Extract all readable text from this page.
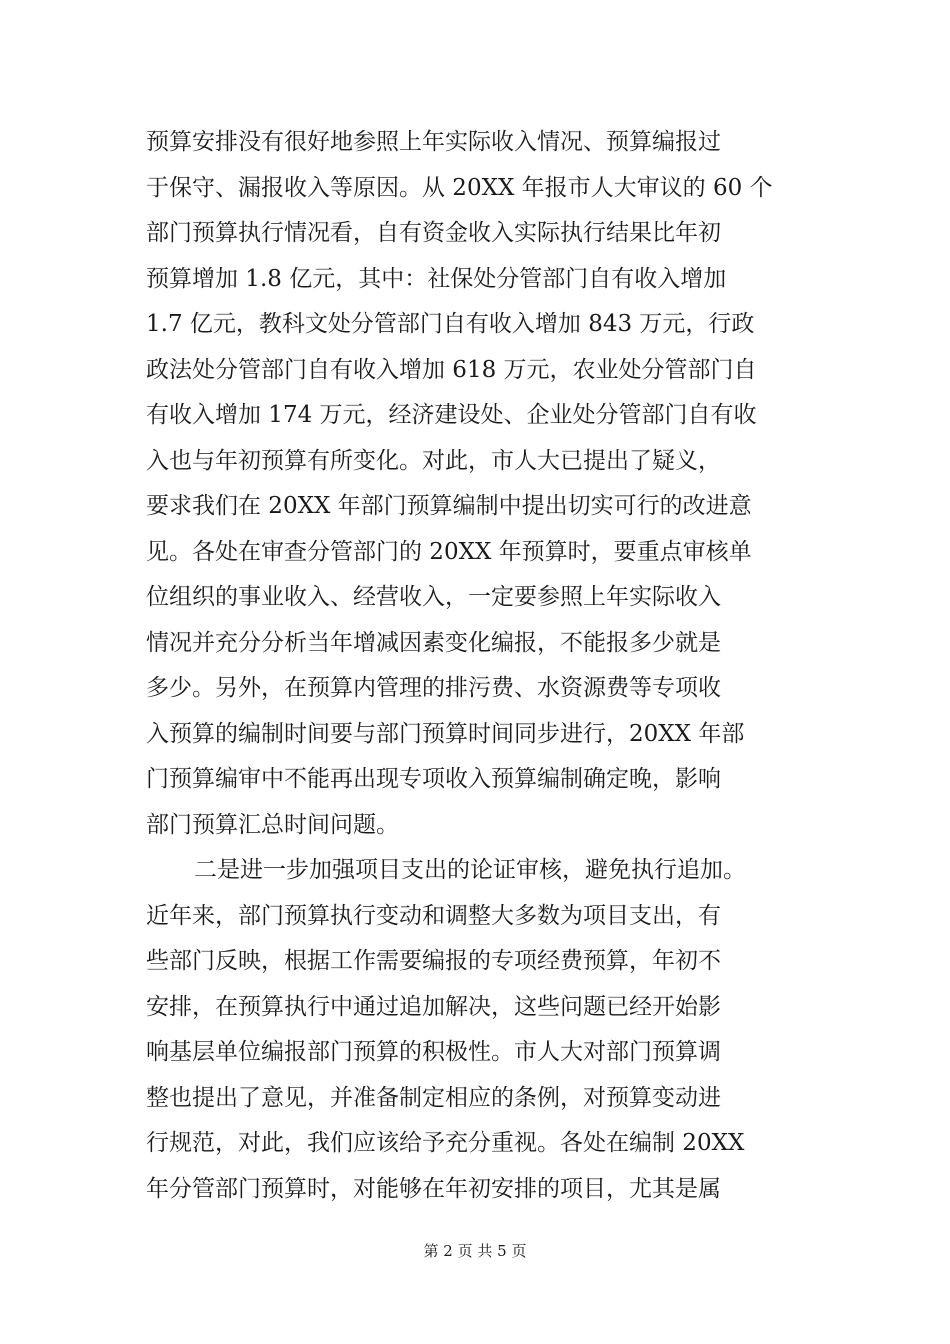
预算安排没有很好地参照上年实际收入情况、预算编报过
于保守、漏报收入等原因。从 20XX 年报市人大审议的 60 个
部门预算执行情况看，自有资金收入实际执行结果比年初
预算增加 1.8 亿元，其中：社保处分管部门自有收入增加
1.7 亿元，教科文处分管部门自有收入增加 843 万元，行政
政法处分管部门自有收入增加 618 万元，农业处分管部门自
有收入增加 174 万元，经济建设处、企业处分管部门自有收
入也与年初预算有所变化。对此，市人大已提出了疑义，
要求我们在 20XX 年部门预算编制中提出切实可行的改进意
见。各处在审查分管部门的 20XX 年预算时，要重点审核单
位组织的事业收入、经营收入，一定要参照上年实际收入
情况并充分分析当年增减因素变化编报，不能报多少就是
多少。另外，在预算内管理的排污费、水资源费等专项收
入预算的编制时间要与部门预算时间同步进行，20XX 年部
门预算编审中不能再出现专项收入预算编制确定晚，影响
部门预算汇总时间问题。
二是进一步加强项目支出的论证审核，避免执行追加。
近年来，部门预算执行变动和调整大多数为项目支出，有
些部门反映，根据工作需要编报的专项经费预算，年初不
安排，在预算执行中通过追加解决，这些问题已经开始影
响基层单位编报部门预算的积极性。市人大对部门预算调
整也提出了意见，并准备制定相应的条例，对预算变动进
行规范，对此，我们应该给予充分重视。各处在编制 20XX
年分管部门预算时，对能够在年初安排的项目，尤其是属
第 2 页 共 5 页
